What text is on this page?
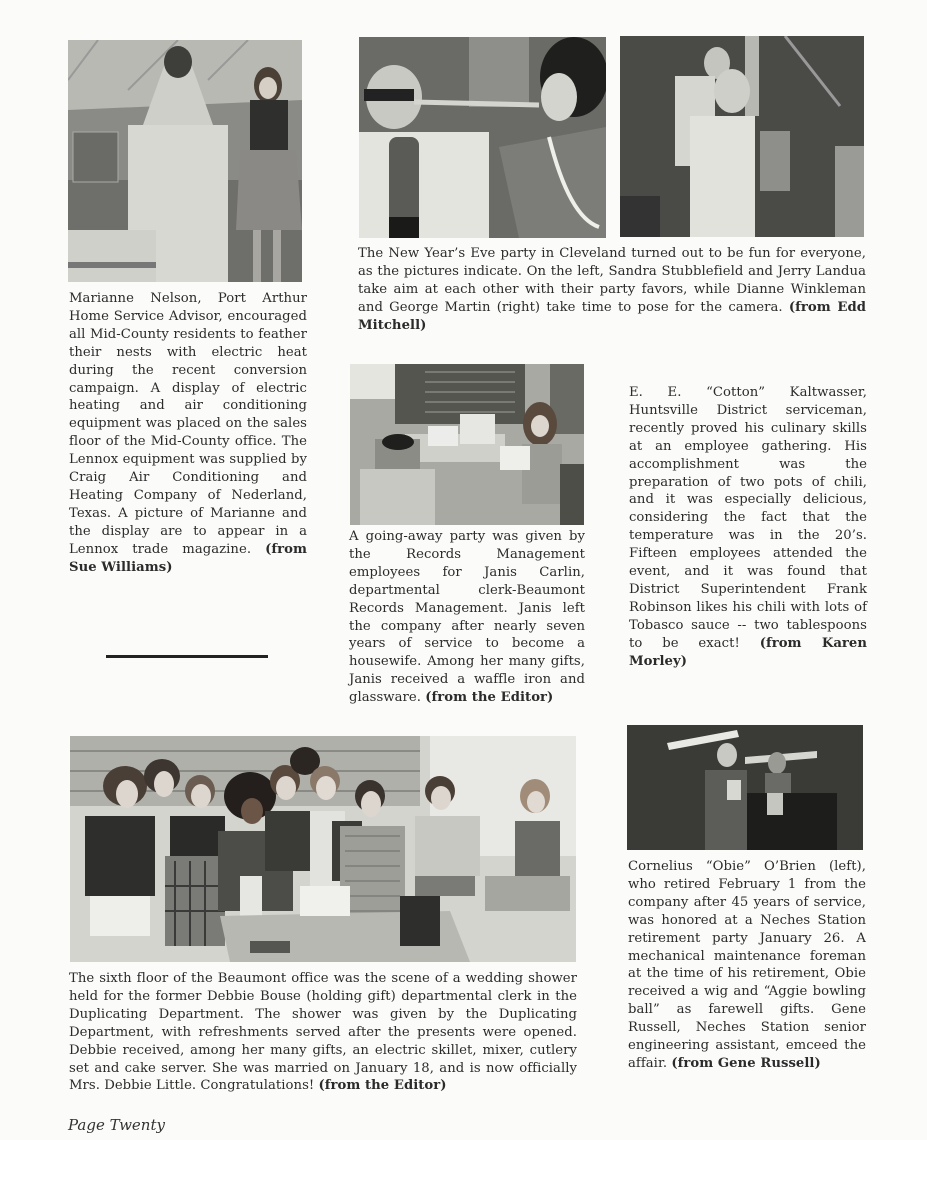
The New Year’s Eve party in Cleveland turned out to be fun for everyone, as the pictures indicate. On the left, Sandra Stubblefield and Jerry Landua take aim at each other with their party favors, while Dianne Winkleman and George Martin (right) take time to pose for the camera. (from Edd Mitchell)
Marianne Nelson, Port Arthur Home Service Advisor, encouraged all Mid-County residents to feather their nests with electric heat during the recent conversion campaign. A display of electric heating and air conditioning equipment was placed on the sales floor of the Mid-County office. The Lennox equipment was supplied by Craig Air Conditioning and Heating Company of Nederland, Texas. A picture of Marianne and the display are to appear in a Lennox trade magazine. (from Sue Williams)
A going-away party was given by the Records Management employees for Janis Carlin, departmental clerk-Beaumont Records Management. Janis left the company after nearly seven years of service to become a housewife. Among her many gifts, Janis received a waffle iron and glassware. (from the Editor)
E. E. “Cotton” Kaltwasser, Huntsville District serviceman, recently proved his culinary skills at an employee gathering. His accomplishment was the preparation of two pots of chili, and it was especially delicious, considering the fact that the temperature was in the 20’s. Fifteen employees attended the event, and it was found that District Superintendent Frank Robinson likes his chili with lots of Tobasco sauce -- two tablespoons to be exact! (from Karen Morley)
The sixth floor of the Beaumont office was the scene of a wedding shower held for the former Debbie Bouse (holding gift) departmental clerk in the Duplicating Department. The shower was given by the Duplicating Department, with refreshments served after the presents were opened. Debbie received, among her many gifts, an electric skillet, mixer, cutlery set and cake server. She was married on January 18, and is now officially Mrs. Debbie Little. Congratulations! (from the Editor)
Cornelius “Obie” O’Brien (left), who retired February 1 from the company after 45 years of service, was honored at a Neches Station retirement party January 26. A mechanical maintenance foreman at the time of his retirement, Obie received a wig and “Aggie bowling ball” as farewell gifts. Gene Russell, Neches Station senior engineering assistant, emceed the affair. (from Gene Russell)
Page Twenty
